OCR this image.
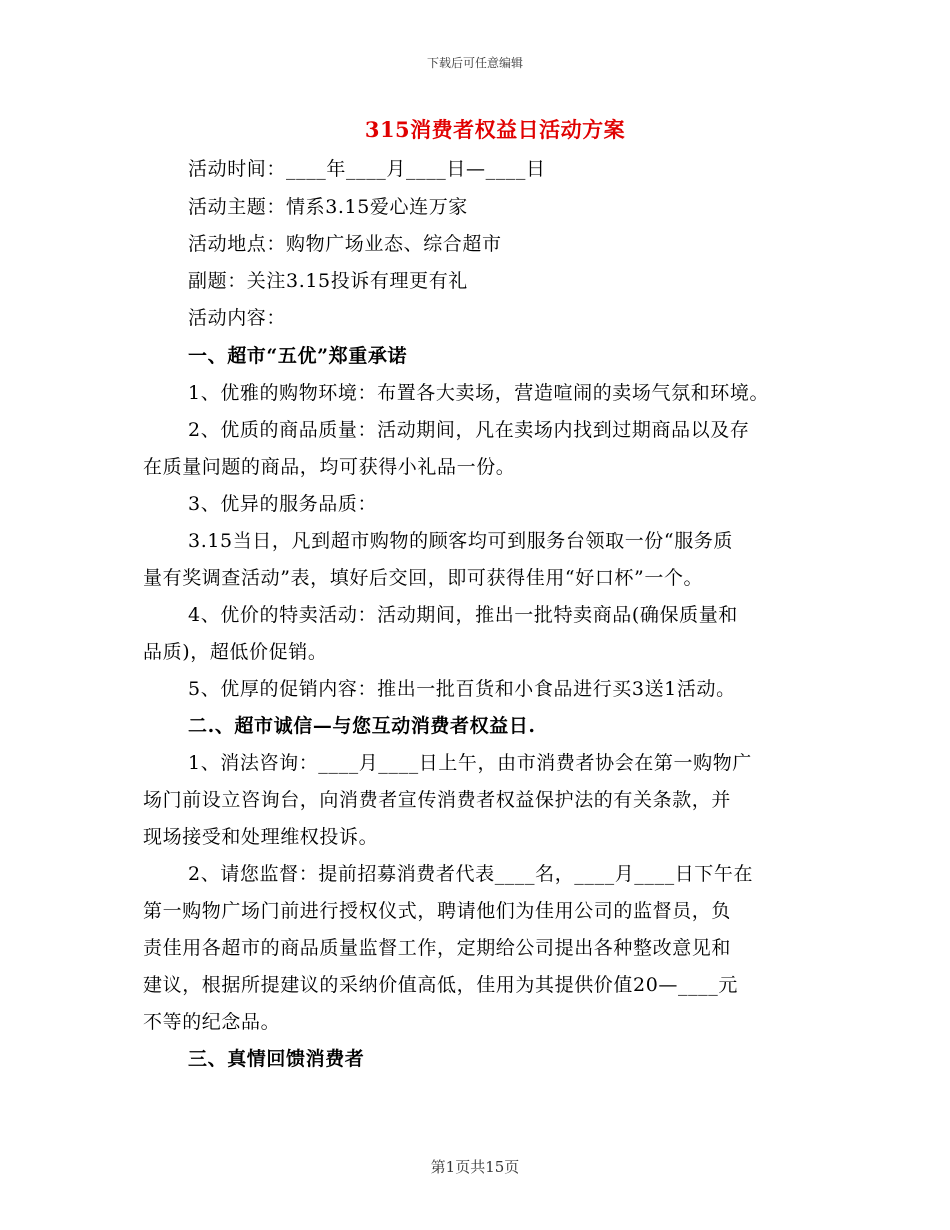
下载后可任意编辑
315消费者权益日活动方案
活动时间：____年____月____日—____日
活动主题：情系3.15爱心连万家
活动地点：购物广场业态、综合超市
副题：关注3.15投诉有理更有礼
活动内容：
一、超市“五优”郑重承诺
1、优雅的购物环境：布置各大卖场，营造喧闹的卖场气氛和环境。
2、优质的商品质量：活动期间，凡在卖场内找到过期商品以及存
在质量问题的商品，均可获得小礼品一份。
3、优异的服务品质：
3.15当日，凡到超市购物的顾客均可到服务台领取一份“服务质
量有奖调查活动”表，填好后交回，即可获得佳用“好口杯”一个。
4、优价的特卖活动：活动期间，推出一批特卖商品(确保质量和
品质)，超低价促销。
5、优厚的促销内容：推出一批百货和小食品进行买3送1活动。
二.、超市诚信—与您互动消费者权益日.
1、消法咨询：____月____日上午，由市消费者协会在第一购物广
场门前设立咨询台，向消费者宣传消费者权益保护法的有关条款，并
现场接受和处理维权投诉。
2、请您监督：提前招募消费者代表____名，____月____日下午在
第一购物广场门前进行授权仪式，聘请他们为佳用公司的监督员，负
责佳用各超市的商品质量监督工作，定期给公司提出各种整改意见和
建议，根据所提建议的采纳价值高低，佳用为其提供价值20—____元
不等的纪念品。
三、真情回馈消费者
第1页共15页
